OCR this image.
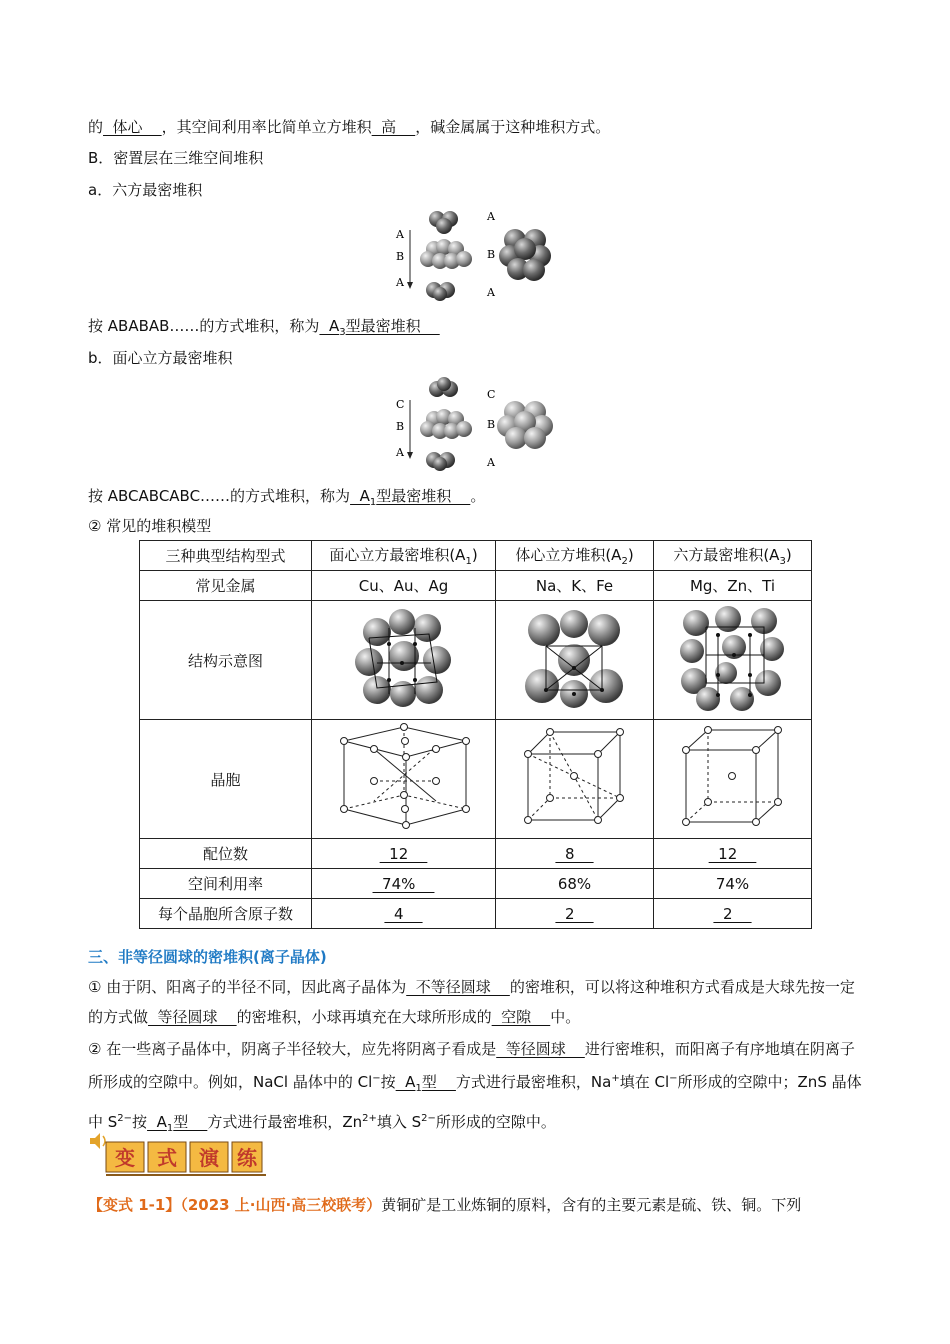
的  体心    ，其空间利用率比简单立方堆积  高    ，碱金属属于这种堆积方式。
B．密置层在三维空间堆积
a．六方最密堆积
A
B
A
A
B
A
按 ABABAB……的方式堆积，称为  $A_3$型最密堆积
b．面心立方最密堆积
C
B
A
C
B
A
按 ABCABCABC……的方式堆积，称为  $A_1$型最密堆积    。
② 常见的堆积模型
三种典型结构型式	面心立方最密堆积$(A_1)$	体心立方堆积$(A_2)$	六方最密堆积$(A_3)$
常见金属	Cu、Au、Ag	Na、K、Fe	Mg、Zn、Ti
结构示意图			
晶胞			
配位数	12	8	12
空间利用率	74%	68%	74%
每个晶胞所含原子数	4	2	2
三、非等径圆球的密堆积(离子晶体)
① 由于阴、阳离子的半径不同，因此离子晶体为  不等径圆球    的密堆积，可以将这种堆积方式看成是大球先按一定的方式做  等径圆球    的密堆积，小球再填充在大球所形成的  空隙    中。
② 在一些离子晶体中，阴离子半径较大，应先将阴离子看成是  等径圆球    进行密堆积，而阳离子有序地填在阴离子所形成的空隙中。例如，NaCl 晶体中的 Cl−按  $A_1$型    方式进行最密堆积，Na+填在 Cl−所形成的空隙中；ZnS 晶体中 $S^{2-}$按  $A_1$型    方式进行最密堆积，$Zn^{2+}$填入 $S^{2-}$所形成的空隙中。
变 式 演 练
【变式 1-1】（2023 上·山西·高三校联考）黄铜矿是工业炼铜的原料，含有的主要元素是硫、铁、铜。下列
